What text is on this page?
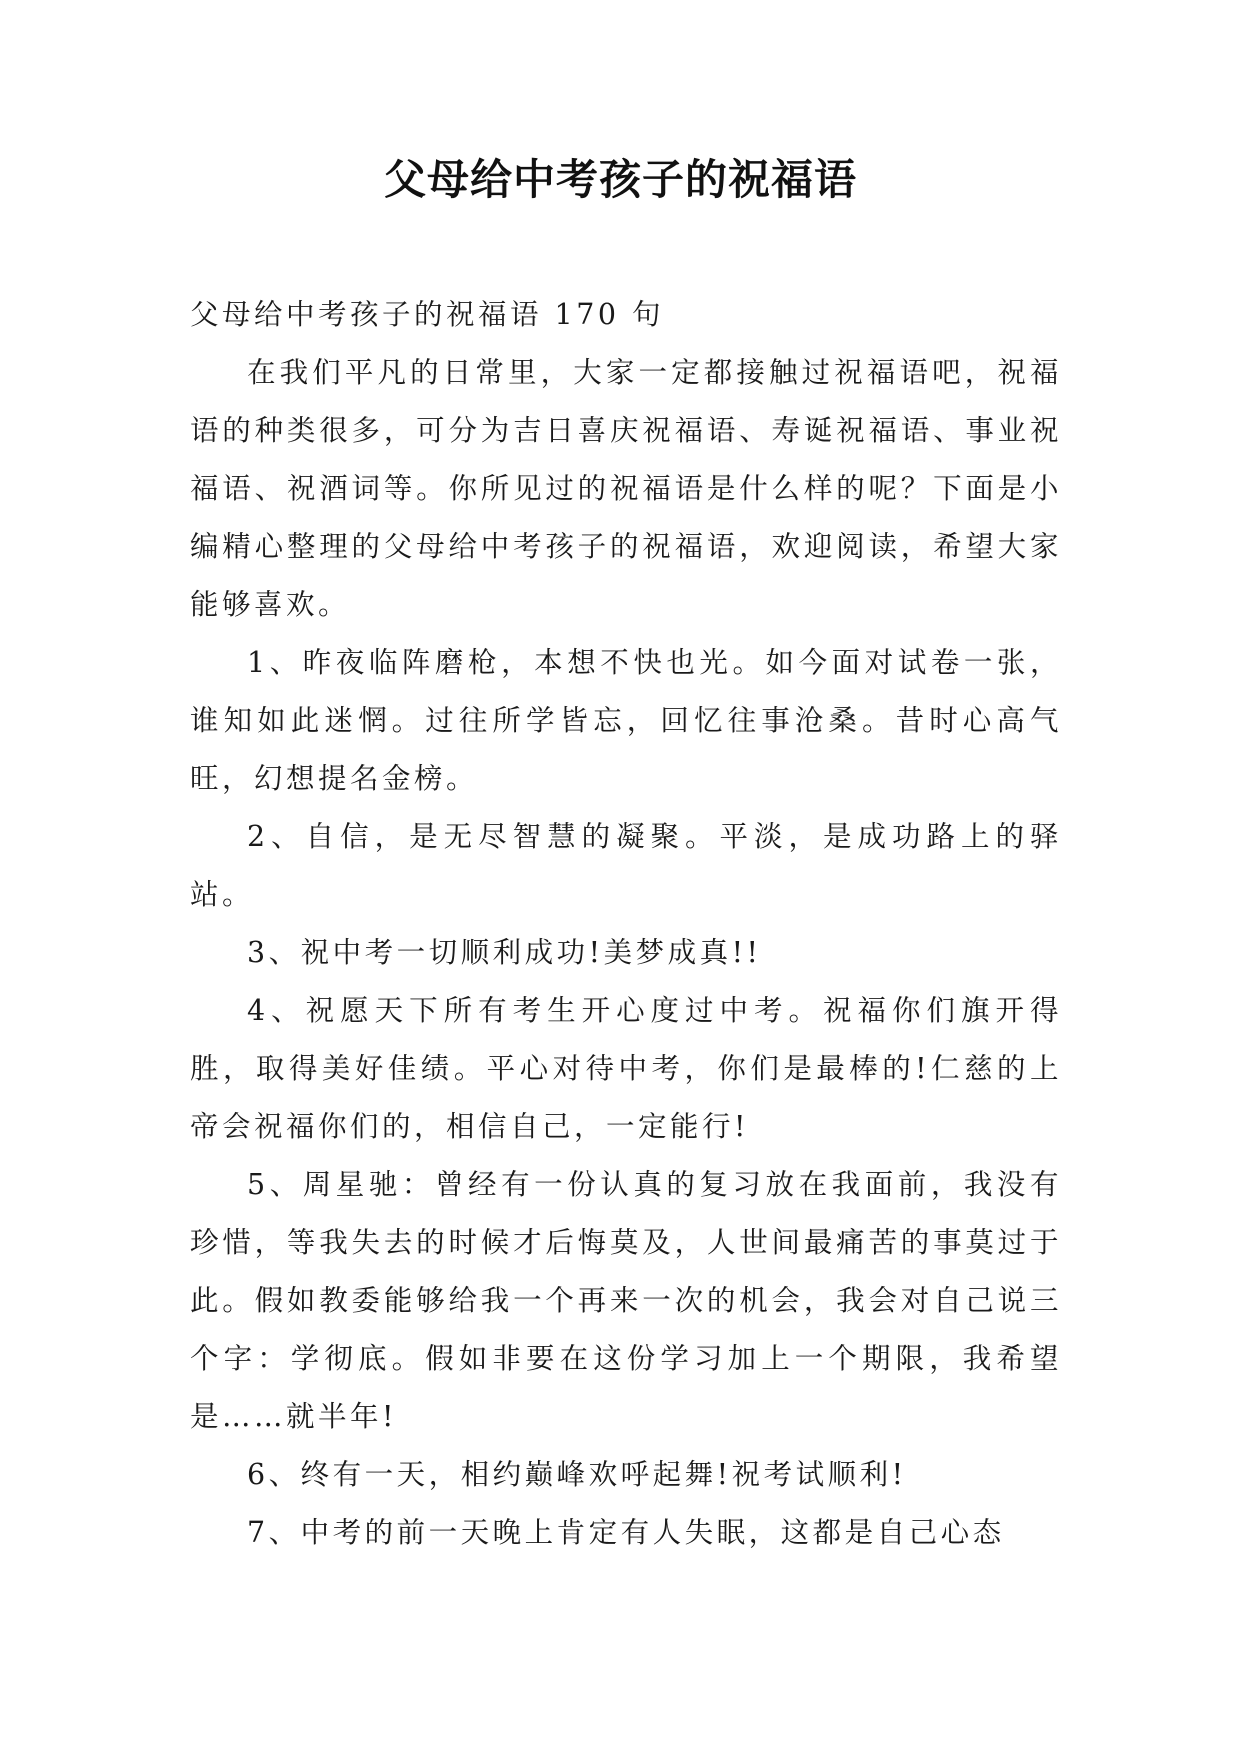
父母给中考孩子的祝福语

父母给中考孩子的祝福语 170 句

在我们平凡的日常里，大家一定都接触过祝福语吧，祝福语的种类很多，可分为吉日喜庆祝福语、寿诞祝福语、事业祝福语、祝酒词等。你所见过的祝福语是什么样的呢？下面是小编精心整理的父母给中考孩子的祝福语，欢迎阅读，希望大家能够喜欢。

1、昨夜临阵磨枪，本想不快也光。如今面对试卷一张，谁知如此迷惘。过往所学皆忘，回忆往事沧桑。昔时心高气旺，幻想提名金榜。

2、自信，是无尽智慧的凝聚。平淡，是成功路上的驿站。

3、祝中考一切顺利成功!美梦成真!!

4、祝愿天下所有考生开心度过中考。祝福你们旗开得胜，取得美好佳绩。平心对待中考，你们是最棒的!仁慈的上帝会祝福你们的，相信自己，一定能行!

5、周星驰：曾经有一份认真的复习放在我面前，我没有珍惜，等我失去的时候才后悔莫及，人世间最痛苦的事莫过于此。假如教委能够给我一个再来一次的机会，我会对自己说三个字：学彻底。假如非要在这份学习加上一个期限，我希望是……就半年!

6、终有一天，相约巅峰欢呼起舞!祝考试顺利!

7、中考的前一天晚上肯定有人失眠，这都是自己心态
